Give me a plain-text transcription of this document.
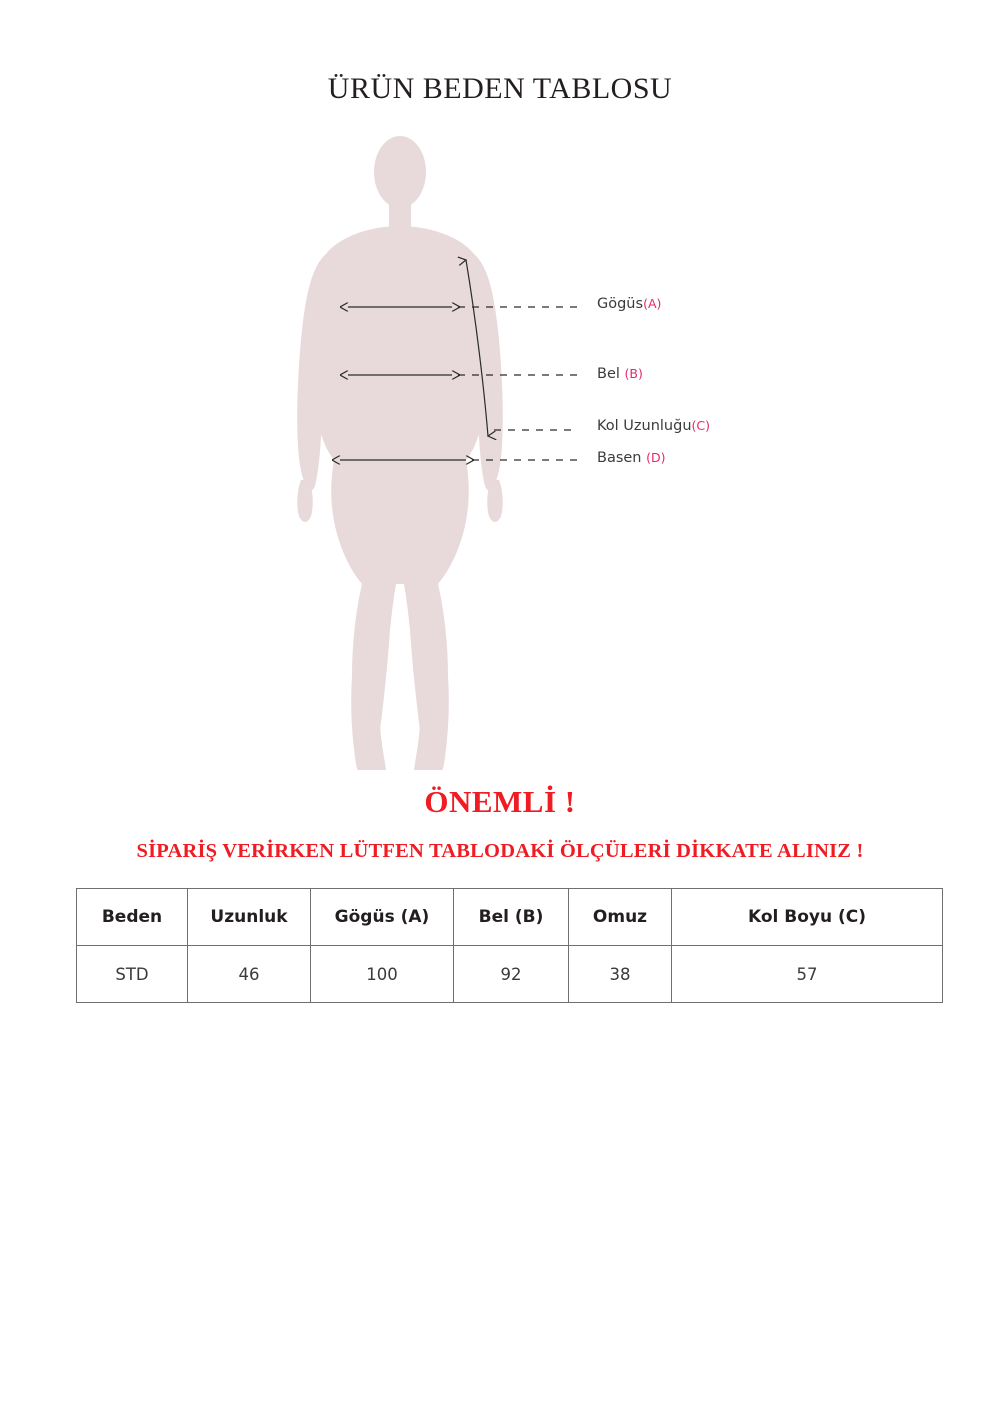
ÜRÜN BEDEN TABLOSU
Gögüs(A)
Bel (B)
Kol Uzunluğu(C)
Basen (D)
ÖNEMLİ !
SİPARİŞ VERİRKEN LÜTFEN TABLODAKİ ÖLÇÜLERİ DİKKATE ALINIZ !
Beden	Uzunluk	Gögüs (A)	Bel (B)	Omuz	Kol Boyu (C)
STD	46	100	92	38	57
